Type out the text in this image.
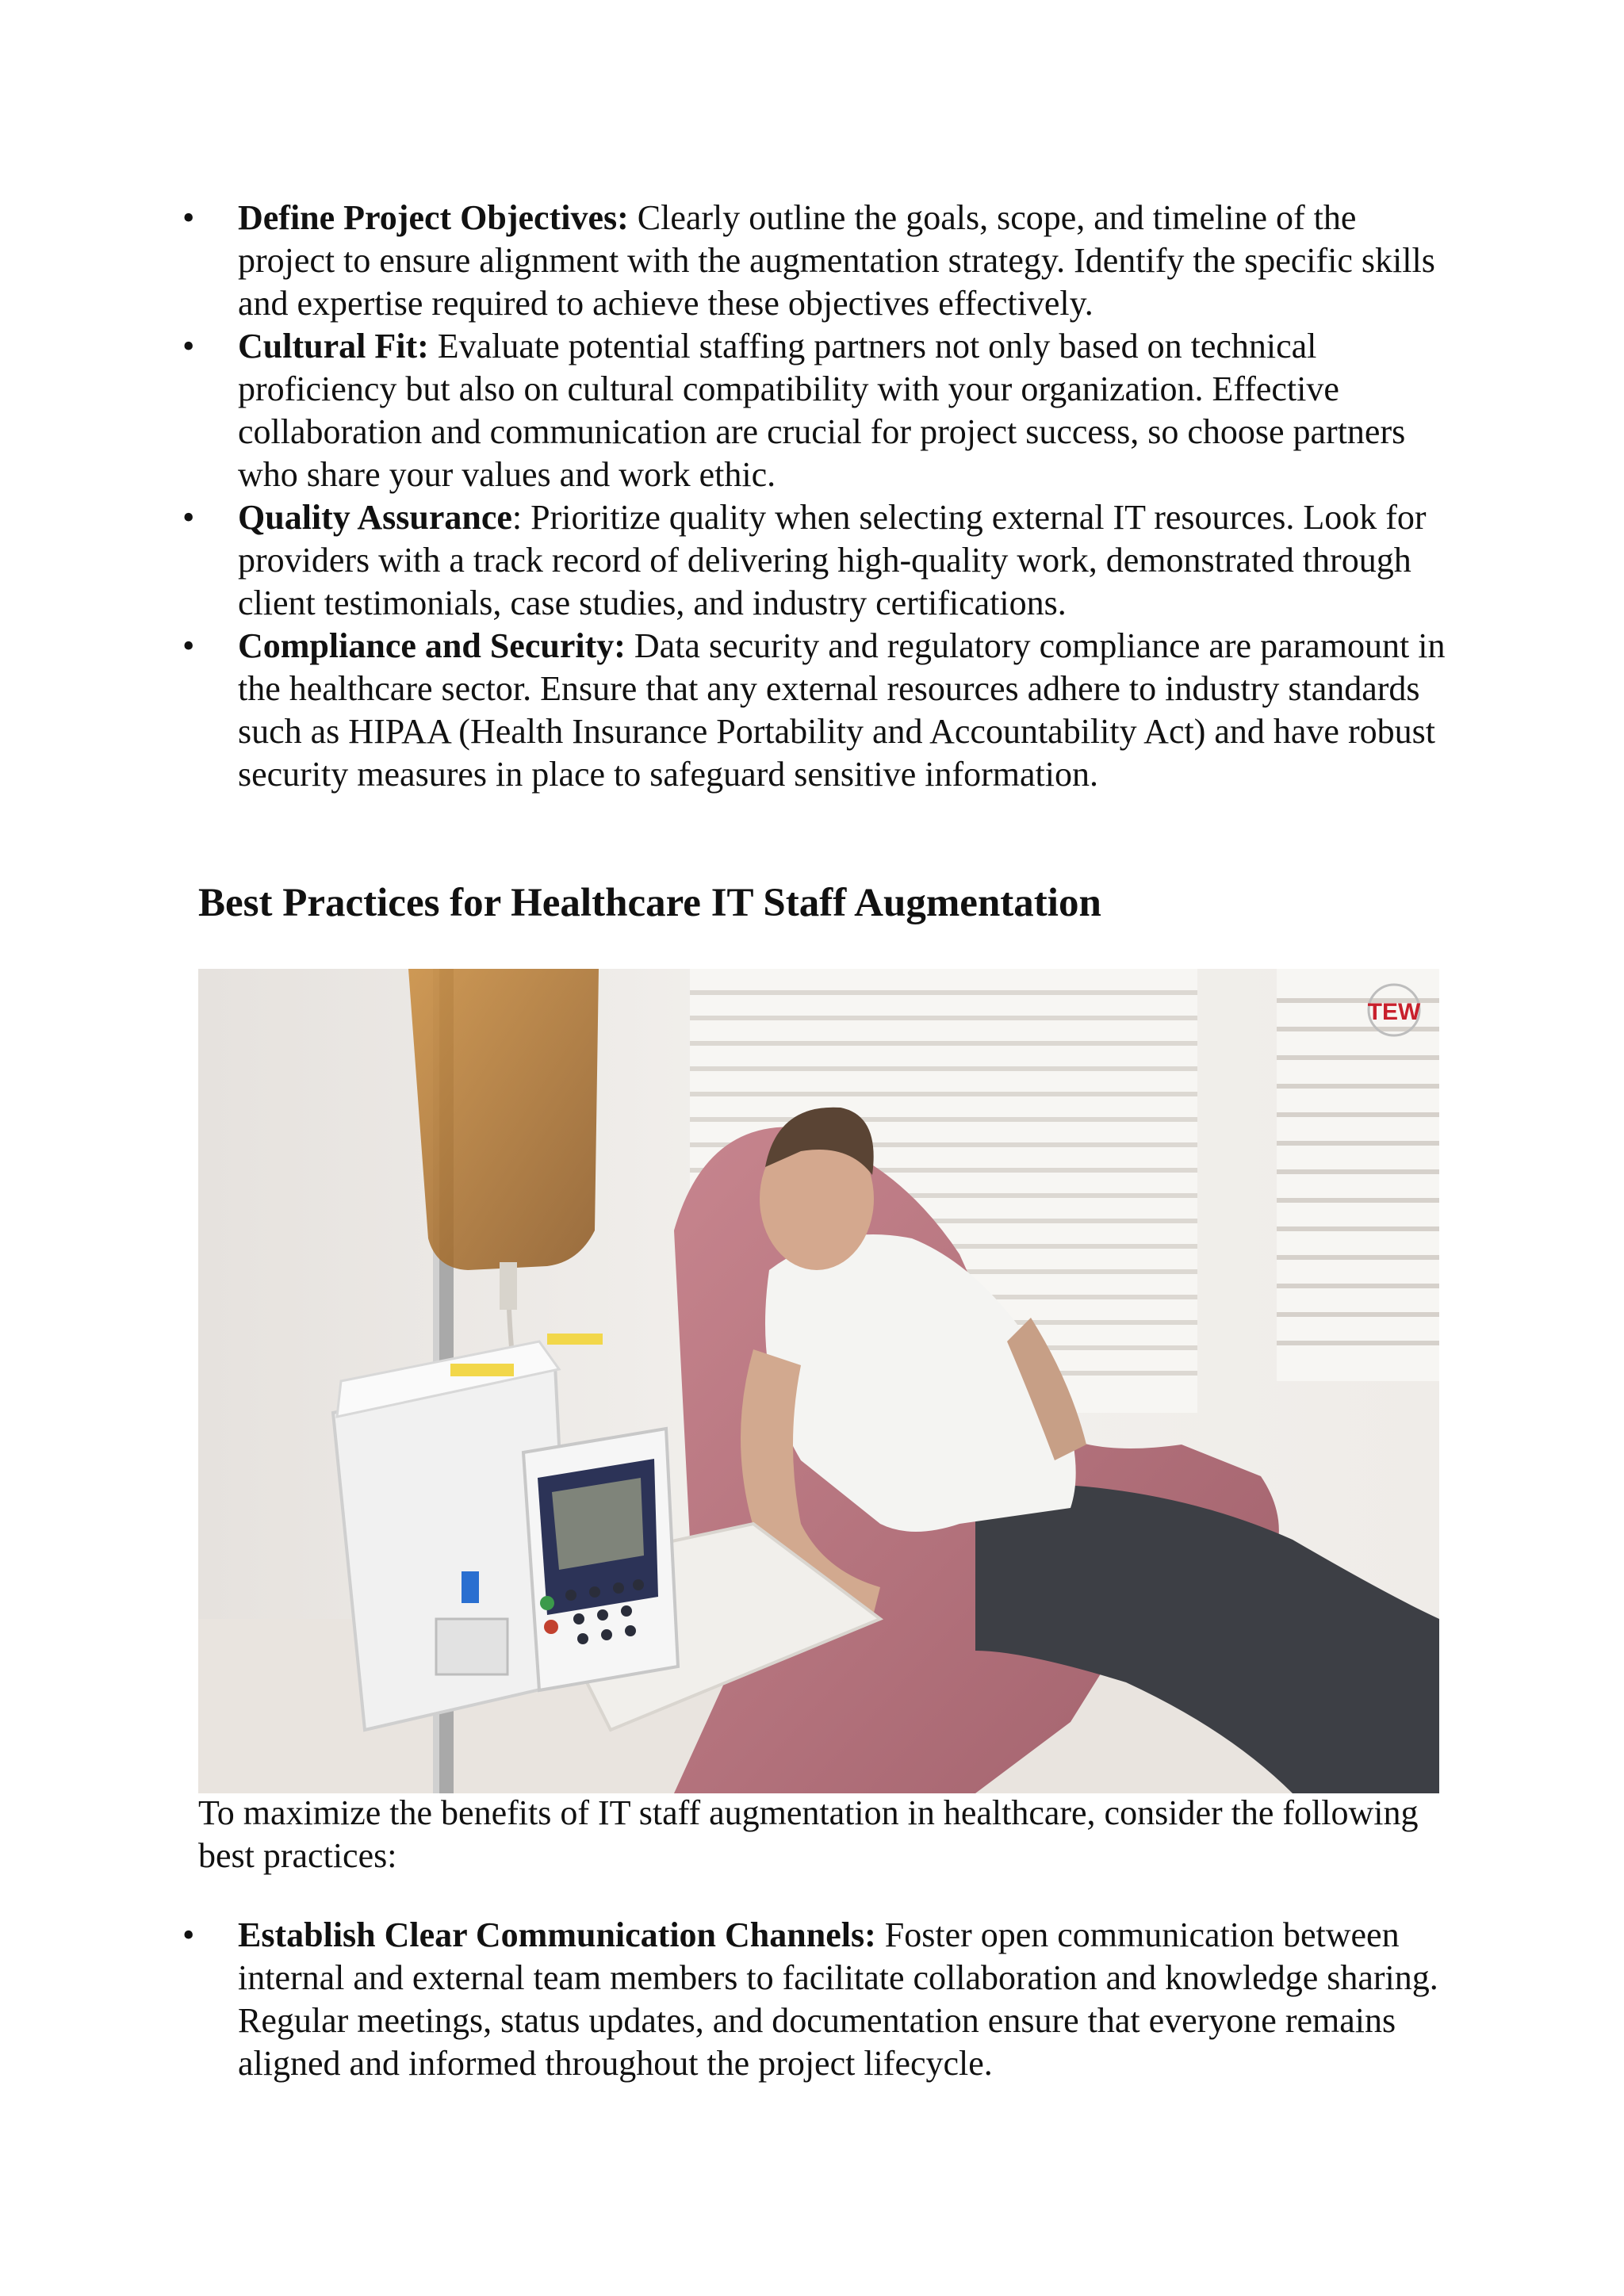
• Define Project Objectives: Clearly outline the goals, scope, and timeline of the project to ensure alignment with the augmentation strategy. Identify the specific skills and expertise required to achieve these objectives effectively.
• Cultural Fit: Evaluate potential staffing partners not only based on technical proficiency but also on cultural compatibility with your organization. Effective collaboration and communication are crucial for project success, so choose partners who share your values and work ethic.
• Quality Assurance: Prioritize quality when selecting external IT resources. Look for providers with a track record of delivering high-quality work, demonstrated through client testimonials, case studies, and industry certifications.
• Compliance and Security: Data security and regulatory compliance are paramount in the healthcare sector. Ensure that any external resources adhere to industry standards such as HIPAA (Health Insurance Portability and Accountability Act) and have robust security measures in place to safeguard sensitive information.
Best Practices for Healthcare IT Staff Augmentation
TEW

To maximize the benefits of IT staff augmentation in healthcare, consider the following best practices:

• Establish Clear Communication Channels: Foster open communication between internal and external team members to facilitate collaboration and knowledge sharing. Regular meetings, status updates, and documentation ensure that everyone remains aligned and informed throughout the project lifecycle.
